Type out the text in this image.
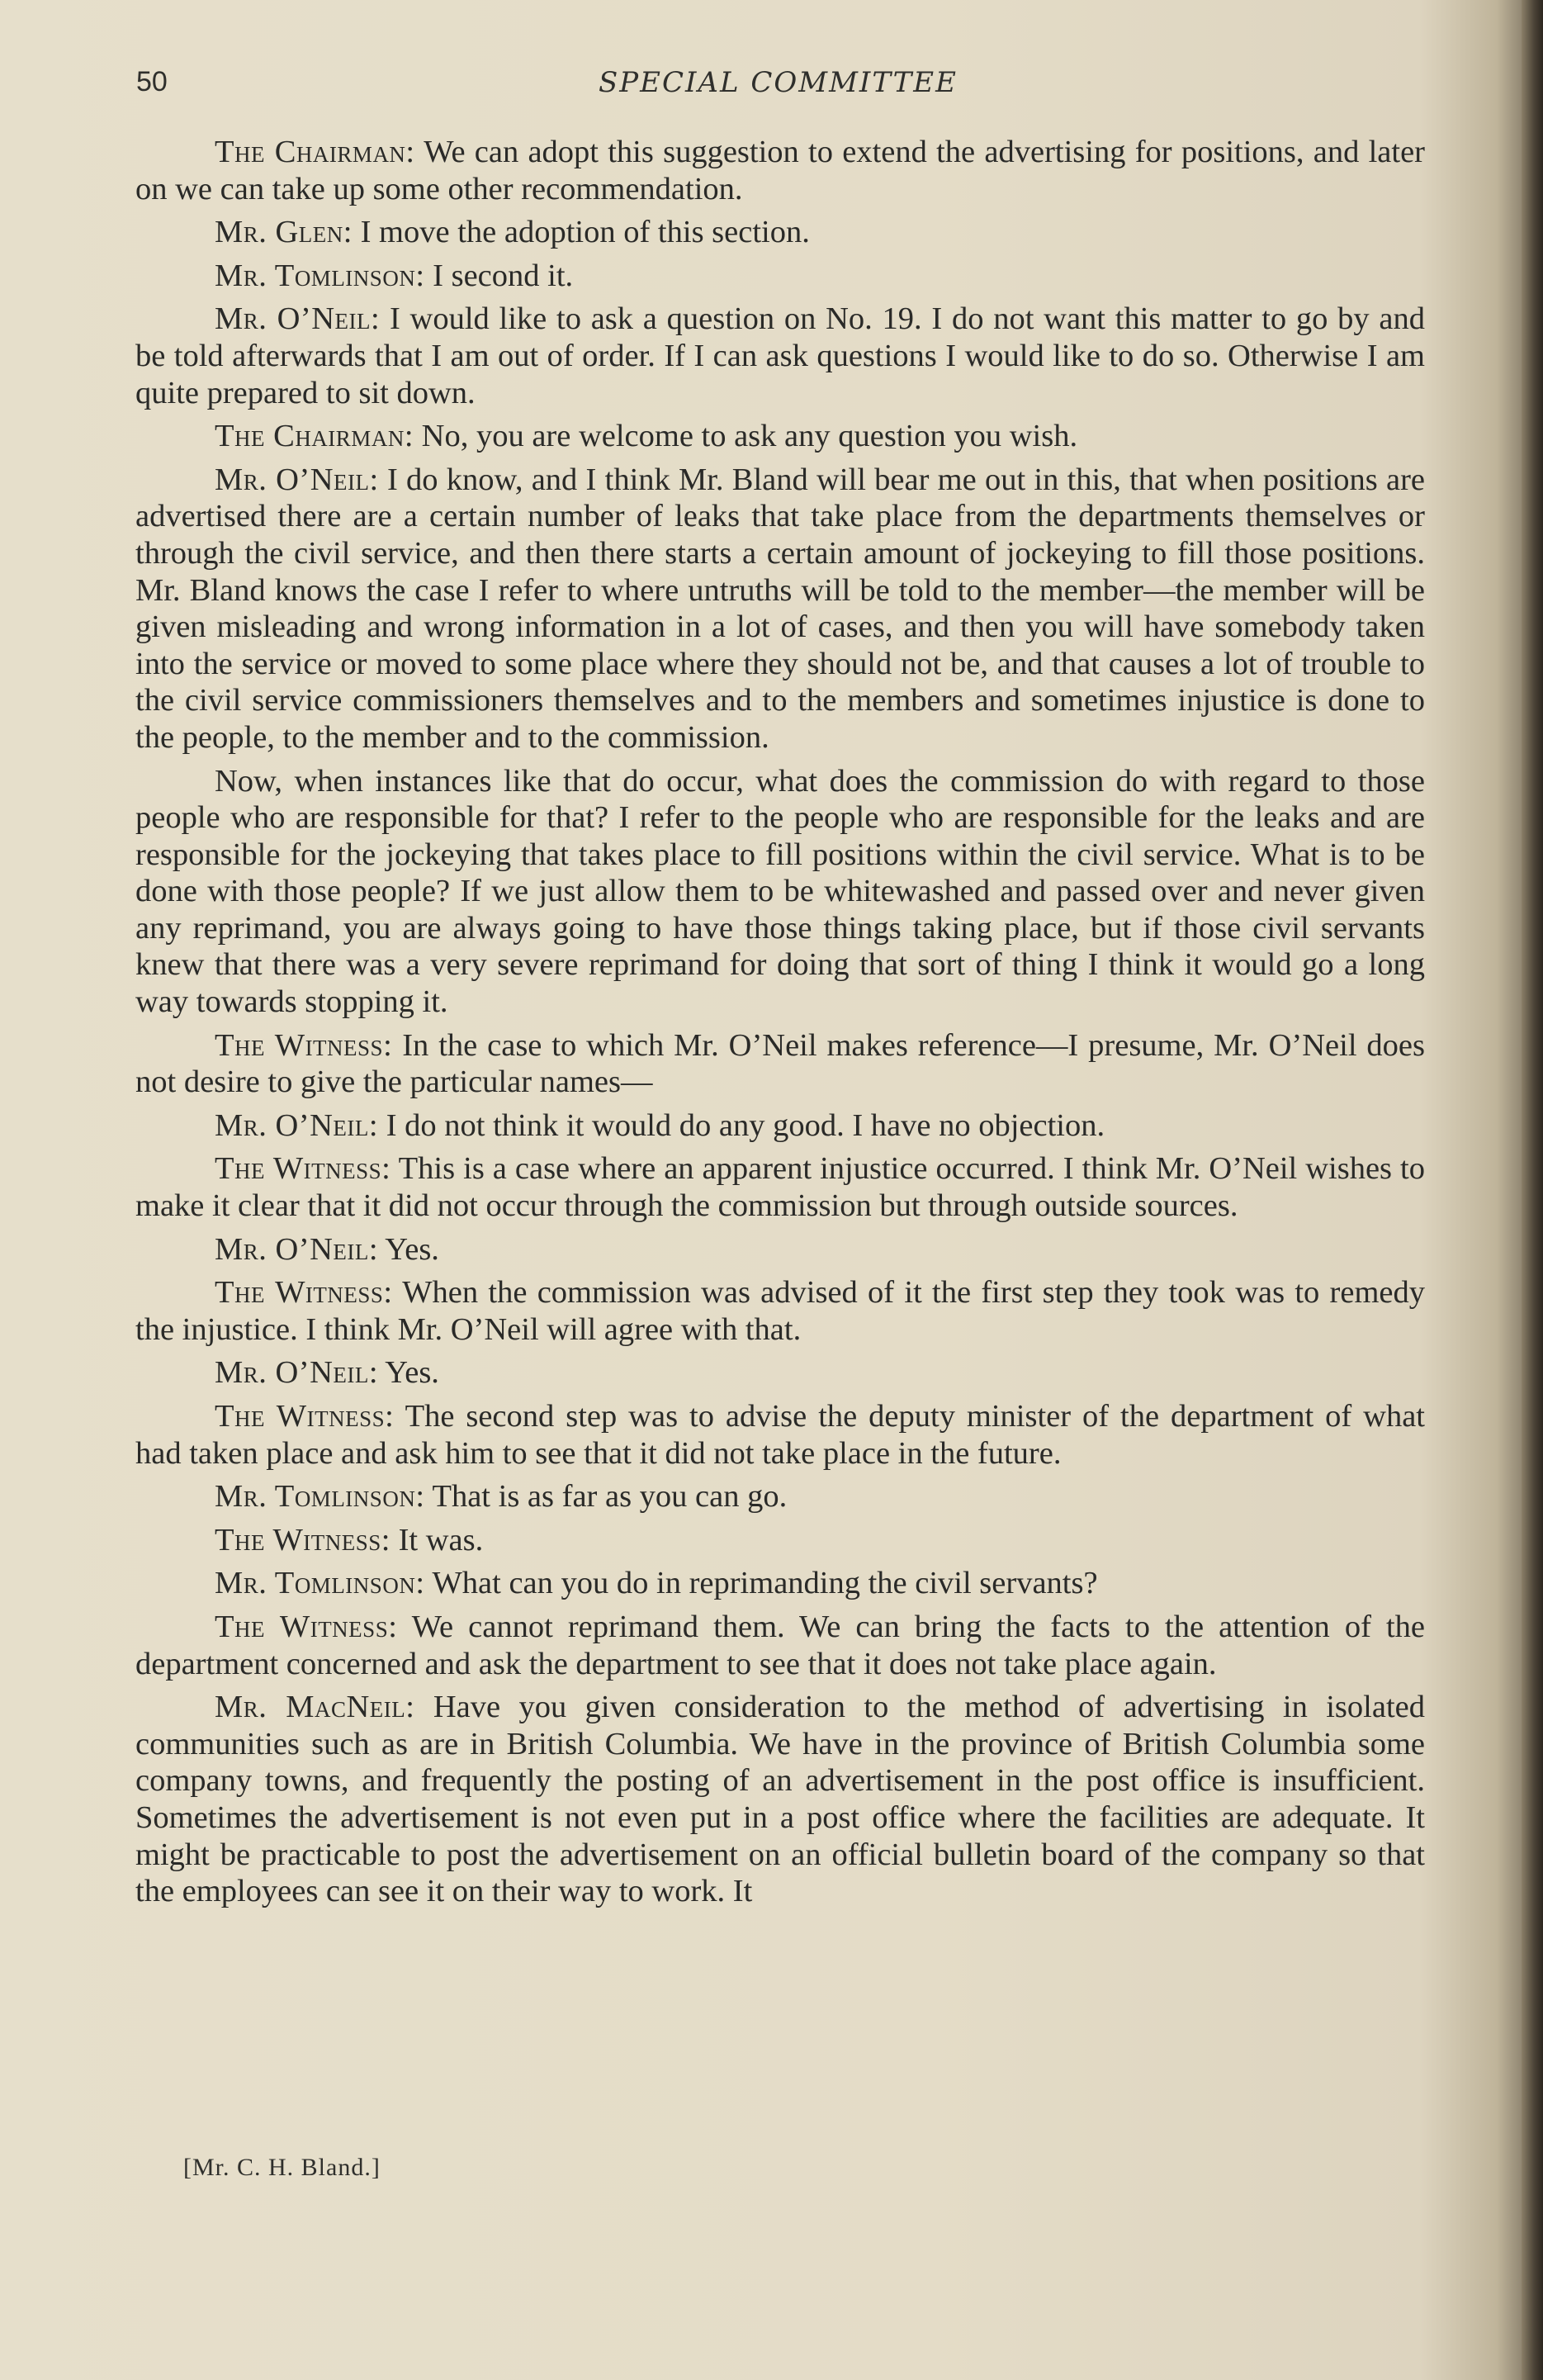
50	SPECIAL COMMITTEE

The Chairman: We can adopt this suggestion to extend the advertising for positions, and later on we can take up some other recommendation.

Mr. Glen: I move the adoption of this section.

Mr. Tomlinson: I second it.

Mr. O’Neil: I would like to ask a question on No. 19. I do not want this matter to go by and be told afterwards that I am out of order. If I can ask questions I would like to do so. Otherwise I am quite prepared to sit down.

The Chairman: No, you are welcome to ask any question you wish.

Mr. O’Neil: I do know, and I think Mr. Bland will bear me out in this, that when positions are advertised there are a certain number of leaks that take place from the departments themselves or through the civil service, and then there starts a certain amount of jockeying to fill those positions. Mr. Bland knows the case I refer to where untruths will be told to the member—the member will be given misleading and wrong information in a lot of cases, and then you will have somebody taken into the service or moved to some place where they should not be, and that causes a lot of trouble to the civil service commissioners themselves and to the members and sometimes injustice is done to the people, to the member and to the commission.

Now, when instances like that do occur, what does the commission do with regard to those people who are responsible for that? I refer to the people who are responsible for the leaks and are responsible for the jockeying that takes place to fill positions within the civil service. What is to be done with those people? If we just allow them to be whitewashed and passed over and never given any reprimand, you are always going to have those things taking place, but if those civil servants knew that there was a very severe reprimand for doing that sort of thing I think it would go a long way towards stopping it.

The Witness: In the case to which Mr. O’Neil makes reference—I presume, Mr. O’Neil does not desire to give the particular names—

Mr. O’Neil: I do not think it would do any good. I have no objection.

The Witness: This is a case where an apparent injustice occurred. I think Mr. O’Neil wishes to make it clear that it did not occur through the commission but through outside sources.

Mr. O’Neil: Yes.

The Witness: When the commission was advised of it the first step they took was to remedy the injustice. I think Mr. O’Neil will agree with that.

Mr. O’Neil: Yes.

The Witness: The second step was to advise the deputy minister of the department of what had taken place and ask him to see that it did not take place in the future.

Mr. Tomlinson: That is as far as you can go.

The Witness: It was.

Mr. Tomlinson: What can you do in reprimanding the civil servants?

The Witness: We cannot reprimand them. We can bring the facts to the attention of the department concerned and ask the department to see that it does not take place again.

Mr. MacNeil: Have you given consideration to the method of advertising in isolated communities such as are in British Columbia. We have in the province of British Columbia some company towns, and frequently the posting of an advertisement in the post office is insufficient. Sometimes the advertisement is not even put in a post office where the facilities are adequate. It might be practicable to post the advertisement on an official bulletin board of the company so that the employees can see it on their way to work. It

[Mr. C. H. Bland.]
